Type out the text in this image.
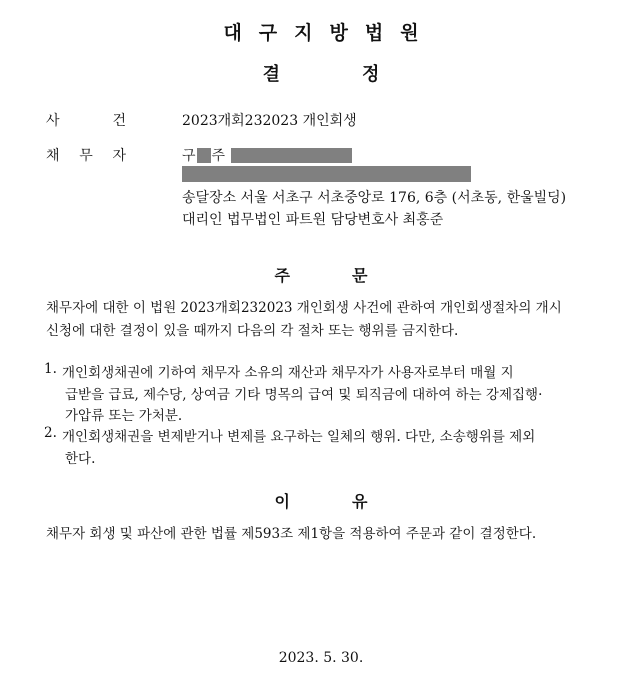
대구지방법원
결정
사	건	2023개회232023 개인회생
채 무 자	구 주
송달장소 서울 서초구 서초중앙로 176, 6층 (서초동, 한울빌딩)
대리인 법무법인 파트원 담당변호사 최홍준
주문
채무자에 대한 이 법원 2023개회232023 개인회생 사건에 관하여 개인회생절차의 개시
신청에 대한 결정이 있을 때까지 다음의 각 절차 또는 행위를 금지한다.
1. 개인회생채권에 기하여 채무자 소유의 재산과 채무자가 사용자로부터 매월 지
급받을 급료, 제수당, 상여금 기타 명목의 급여 및 퇴직금에 대하여 하는 강제집행·
가압류 또는 가처분.
2. 개인회생채권을 변제받거나 변제를 요구하는 일체의 행위. 다만, 소송행위를 제외
한다.
이유
채무자 회생 및 파산에 관한 법률 제593조 제1항을 적용하여 주문과 같이 결정한다.
2023. 5. 30.
